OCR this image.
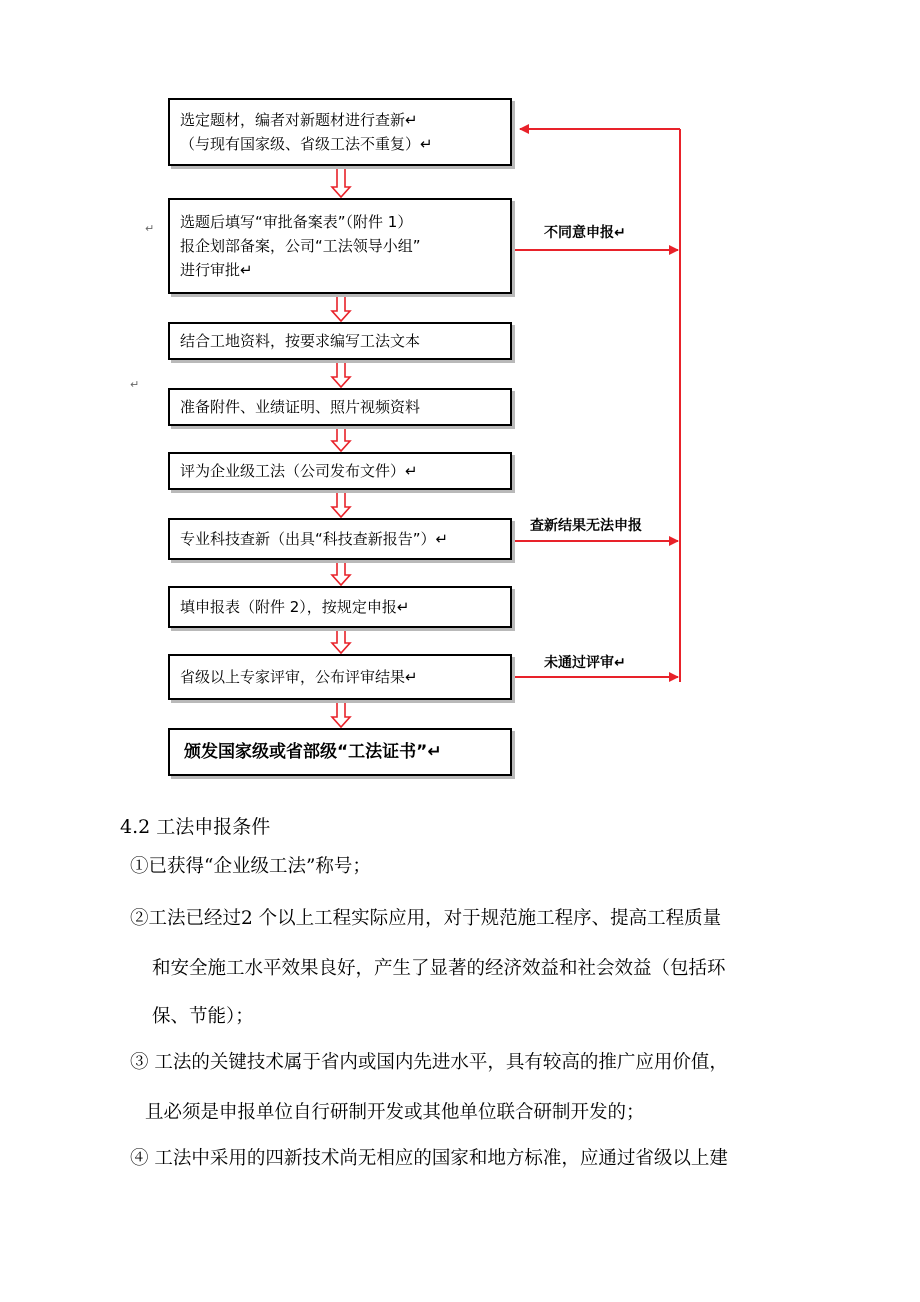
选定题材，编者对新题材进行查新↵
（与现有国家级、省级工法不重复）↵
选题后填写“审批备案表”（附件 1）
报企划部备案，公司“工法领导小组”
进行审批↵
结合工地资料，按要求编写工法文本
准备附件、业绩证明、照片视频资料
评为企业级工法（公司发布文件）↵
专业科技查新（出具“科技查新报告”）↵
填申报表（附件 2），按规定申报↵
省级以上专家评审，公布评审结果↵
颁发国家级或省部级“工法证书”↵
不同意申报↵
查新结果无法申报
未通过评审↵
↵
↵
4.2 工法申报条件
①已获得“企业级工法”称号；
②工法已经过2 个以上工程实际应用，对于规范施工程序、提高工程质量
和安全施工水平效果良好，产生了显著的经济效益和社会效益（包括环
保、节能）；
③ 工法的关键技术属于省内或国内先进水平，具有较高的推广应用价值，
且必须是申报单位自行研制开发或其他单位联合研制开发的；
④ 工法中采用的四新技术尚无相应的国家和地方标准，应通过省级以上建
